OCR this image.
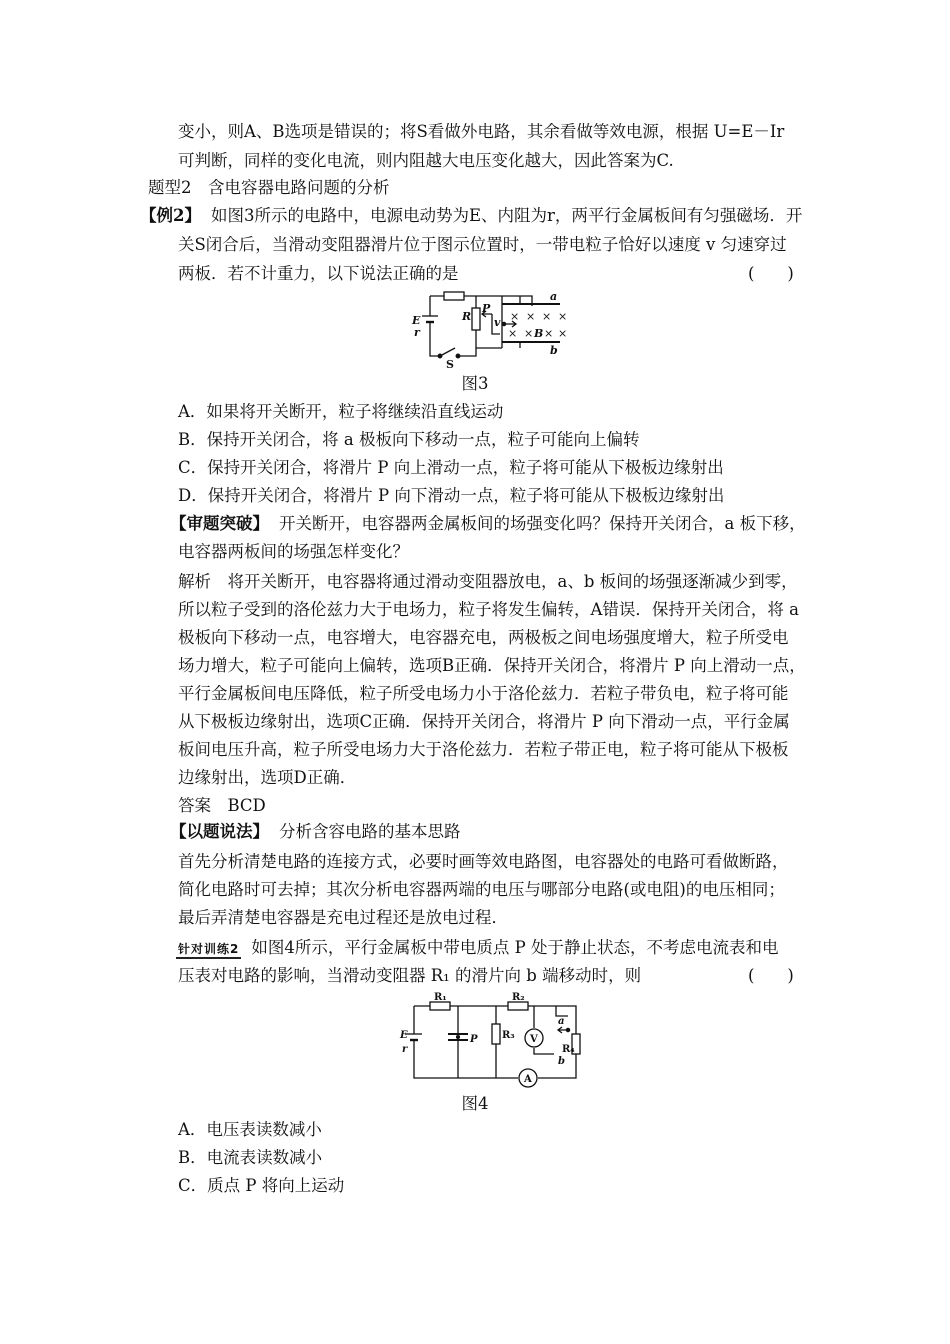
变小，则A、B选项是错误的；将S看做外电路，其余看做等效电源，根据 U=E－Ir
可判断，同样的变化电流，则内阻越大电压变化越大，因此答案为C.
题型2　含电容器电路问题的分析
【例2】 如图3所示的电路中，电源电动势为E、内阻为r，两平行金属板间有匀强磁场．开
关S闭合后，当滑动变阻器滑片位于图示位置时，一带电粒子恰好以速度 v 匀速穿过
两板．若不计重力，以下说法正确的是	(　　)
E
r
R
P
S
v
a
b
B
× × × ×
× × × ×
图3
A．如果将开关断开，粒子将继续沿直线运动
B．保持开关闭合，将 a 极板向下移动一点，粒子可能向上偏转
C．保持开关闭合，将滑片 P 向上滑动一点，粒子将可能从下极板边缘射出
D．保持开关闭合，将滑片 P 向下滑动一点，粒子将可能从下极板边缘射出
【审题突破】 开关断开，电容器两金属板间的场强变化吗？保持开关闭合，a 板下移，
电容器两板间的场强怎样变化？
解析　将开关断开，电容器将通过滑动变阻器放电，a、b 板间的场强逐渐减少到零，
所以粒子受到的洛伦兹力大于电场力，粒子将发生偏转，A错误．保持开关闭合，将 a
极板向下移动一点，电容增大，电容器充电，两极板之间电场强度增大，粒子所受电
场力增大，粒子可能向上偏转，选项B正确．保持开关闭合，将滑片 P 向上滑动一点，
平行金属板间电压降低，粒子所受电场力小于洛伦兹力．若粒子带负电，粒子将可能
从下极板边缘射出，选项C正确．保持开关闭合，将滑片 P 向下滑动一点，平行金属
板间电压升高，粒子所受电场力大于洛伦兹力．若粒子带正电，粒子将可能从下极板
边缘射出，选项D正确．
答案　BCD
【以题说法】 分析含容电路的基本思路
首先分析清楚电路的连接方式，必要时画等效电路图，电容器处的电路可看做断路，
简化电路时可去掉；其次分析电容器两端的电压与哪部分电路(或电阻)的电压相同；
最后弄清楚电容器是充电过程还是放电过程．
针对训练2 如图4所示，平行金属板中带电质点 P 处于静止状态，不考虑电流表和电
压表对电路的影响，当滑动变阻器 R₁ 的滑片向 b 端移动时，则	(　　)
E
r
R₁	R₂
R₃
R₄
P	V
A
a
b
图4
A．电压表读数减小
B．电流表读数减小
C．质点 P 将向上运动
